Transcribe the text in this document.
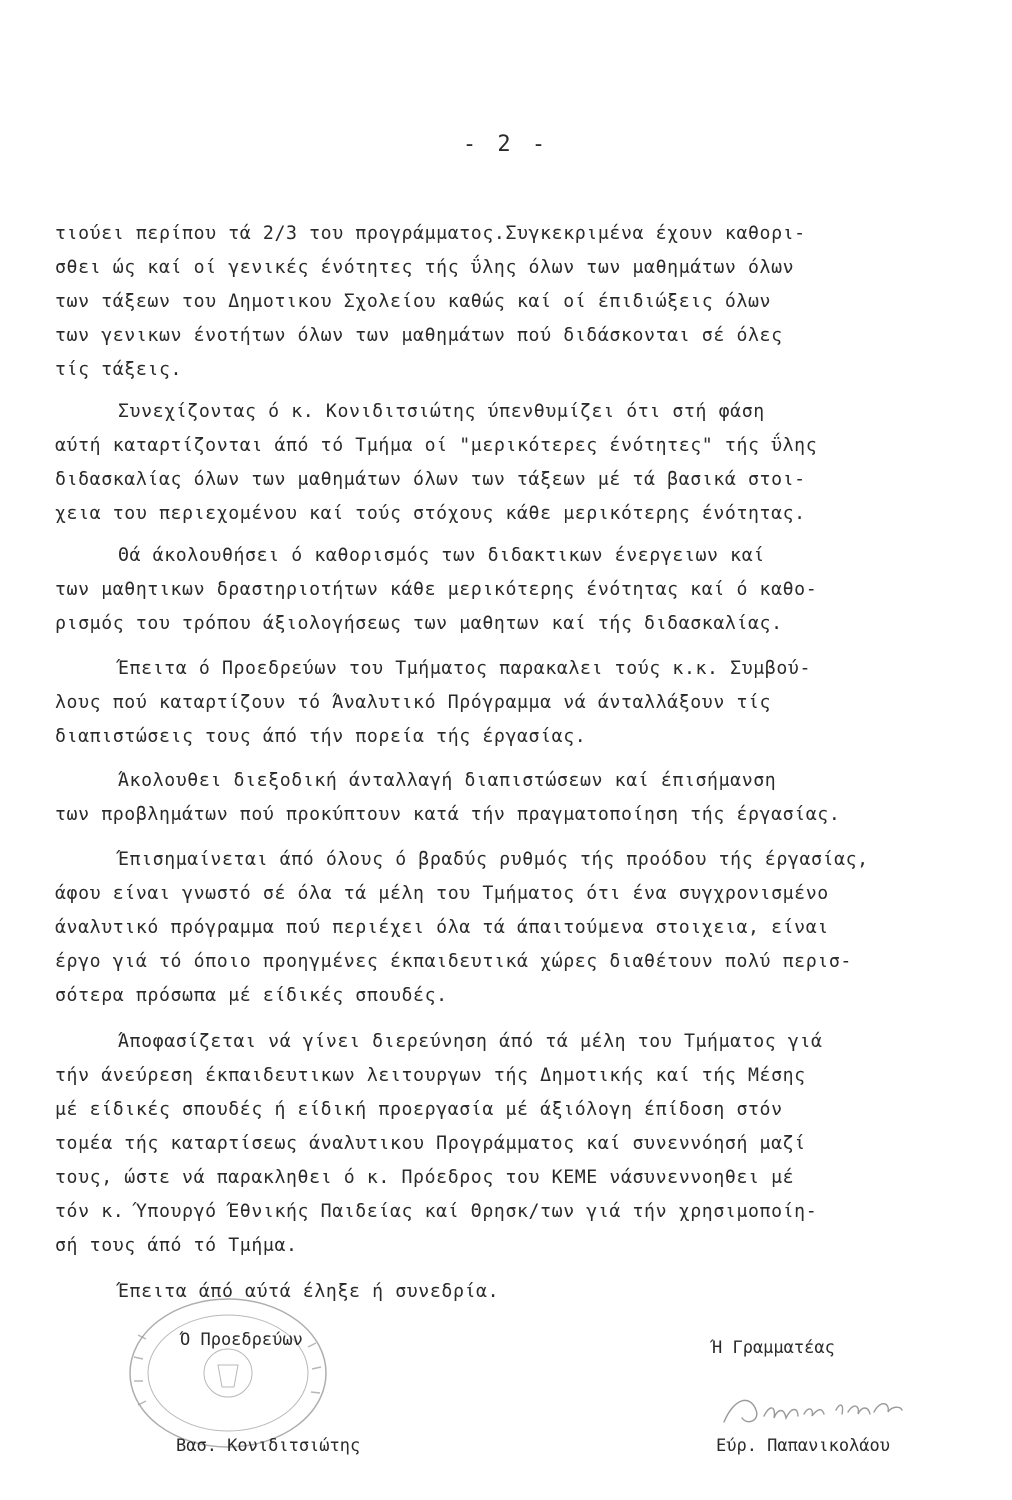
- 2 -
τιούει περίπου τά 2/3 του προγράμματος.Συγκεκριμένα έχουν καθορι-
σθει ώς καί οί γενικές ένότητες τής ΰλης όλων των μαθημάτων όλων
των τάξεων του Δημοτικου Σχολείου καθώς καί οί έπιδιώξεις όλων
των γενικων ένοτήτων όλων των μαθημάτων πού διδάσκονται σέ όλες
τίς τάξεις.
Συνεχίζοντας ό κ. Κονιδιτσιώτης ύπενθυμίζει ότι στή φάση
αύτή καταρτίζονται άπό τό Τμήμα οί "μερικότερες ένότητες" τής ΰλης
διδασκαλίας όλων των μαθημάτων όλων των τάξεων μέ τά βασικά στοι-
χεια του περιεχομένου καί τούς στόχους κάθε μερικότερης ένότητας.
Θά άκολουθήσει ό καθορισμός των διδακτικων ένεργειων καί
των μαθητικων δραστηριοτήτων κάθε μερικότερης ένότητας καί ό καθο-
ρισμός του τρόπου άξιολογήσεως των μαθητων καί τής διδασκαλίας.
Έπειτα ό Προεδρεύων του Τμήματος παρακαλει τούς κ.κ. Συμβού-
λους πού καταρτίζουν τό Άναλυτικό Πρόγραμμα νά άνταλλάξουν τίς
διαπιστώσεις τους άπό τήν πορεία τής έργασίας.
Άκολουθει διεξοδική άνταλλαγή διαπιστώσεων καί έπισήμανση
των προβλημάτων πού προκύπτουν κατά τήν πραγματοποίηση τής έργασίας.
Έπισημαίνεται άπό όλους ό βραδύς ρυθμός τής προόδου τής έργασίας,
άφου είναι γνωστό σέ όλα τά μέλη του Τμήματος ότι ένα συγχρονισμένο
άναλυτικό πρόγραμμα πού περιέχει όλα τά άπαιτούμενα στοιχεια, είναι
έργο γιά τό όποιο προηγμένες έκπαιδευτικά χώρες διαθέτουν πολύ περισ-
σότερα πρόσωπα μέ είδικές σπουδές.
Άποφασίζεται νά γίνει διερεύνηση άπό τά μέλη του Τμήματος γιά
τήν άνεύρεση έκπαιδευτικων λειτουργων τής Δημοτικής καί τής Μέσης
μέ είδικές σπουδές ή είδική προεργασία μέ άξιόλογη έπίδοση στόν
τομέα τής καταρτίσεως άναλυτικου Προγράμματος καί συνεννόησή μαζί
τους, ώστε νά παρακληθει ό κ. Πρόεδρος του ΚΕΜΕ νάσυνεννοηθει μέ
τόν κ. Ύπουργό Έθνικής Παιδείας καί Θρησκ/των γιά τήν χρησιμοποίη-
σή τους άπό τό Τμήμα.
Έπειτα άπό αύτά έληξε ή συνεδρία.
Ό Προεδρεύων
Βασ. Κονιδιτσιώτης
Ή Γραμματέας
Εύρ. Παπανικολάου
